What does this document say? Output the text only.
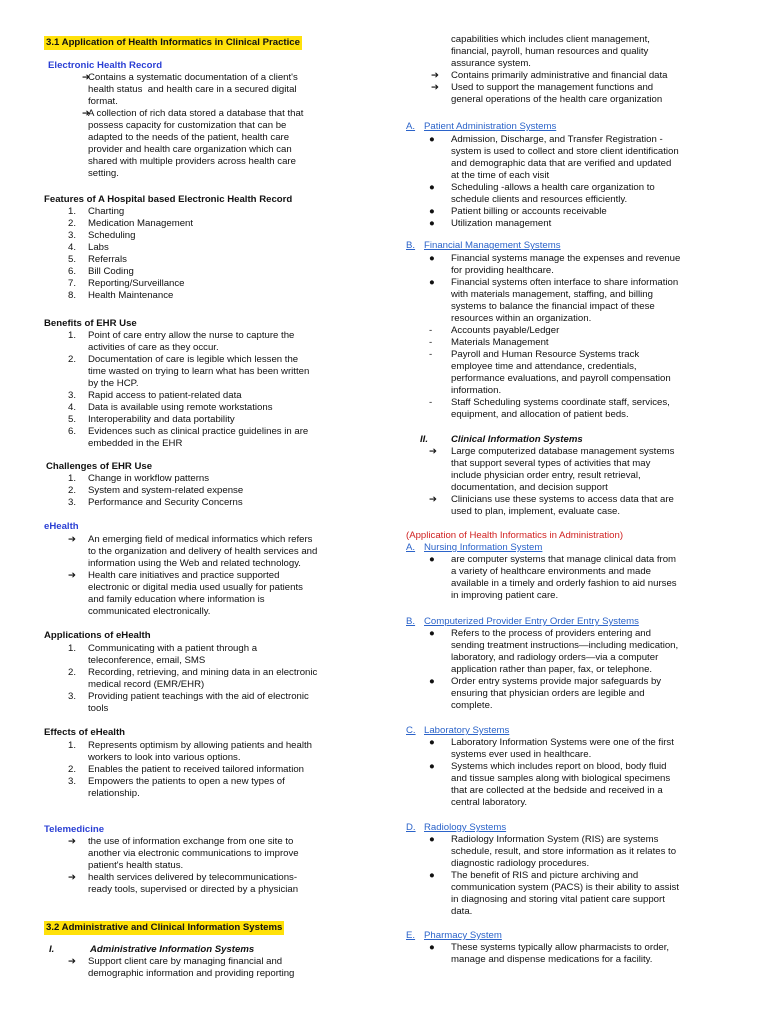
3.1 Application of Health Informatics in Clinical Practice
Electronic Health Record
➔
Contains a systematic documentation of a client's
health status  and health care in a secured digital
format.
➔
A collection of rich data stored a database that that
possess capacity for customization that can be
adapted to the needs of the patient, health care
provider and health care organization which can
shared with multiple providers across health care
setting.
Features of A Hospital based Electronic Health Record
1. Charting
2. Medication Management
3. Scheduling
4. Labs
5. Referrals
6. Bill Coding
7. Reporting/Surveillance
8. Health Maintenance
Benefits of EHR Use
1. Point of care entry allow the nurse to capture the
activities of care as they occur.
2. Documentation of care is legible which lessen the
time wasted on trying to learn what has been written
by the HCP.
3. Rapid access to patient-related data
4. Data is available using remote workstations
5. Interoperability and data portability
6. Evidences such as clinical practice guidelines in are
embedded in the EHR
Challenges of EHR Use
1. Change in workflow patterns
2. System and system-related expense
3. Performance and Security Concerns
eHealth
➔ An emerging field of medical informatics which refers
to the organization and delivery of health services and
information using the Web and related technology.
➔ Health care initiatives and practice supported
electronic or digital media used usually for patients
and family education where information is
communicated electronically.
Applications of eHealth
1. Communicating with a patient through a
teleconference, email, SMS
2. Recording, retrieving, and mining data in an electronic
medical record (EMR/EHR)
3. Providing patient teachings with the aid of electronic
tools
Effects of eHealth
1. Represents optimism by allowing patients and health
workers to look into various options.
2. Enables the patient to received tailored information
3. Empowers the patients to open a new types of
relationship.
Telemedicine
➔ the use of information exchange from one site to
another via electronic communications to improve
patient's health status.
➔ health services delivered by telecommunications-
ready tools, supervised or directed by a physician
3.2 Administrative and Clinical Information Systems
I.	Administrative Information Systems
➔ Support client care by managing financial and
demographic information and providing reporting
capabilities which includes client management,
financial, payroll, human resources and quality
assurance system.
➔ Contains primarily administrative and financial data
➔ Used to support the management functions and
general operations of the health care organization
A. Patient Administration Systems
● Admission, Discharge, and Transfer Registration -
system is used to collect and store client identification
and demographic data that are verified and updated
at the time of each visit
● Scheduling -allows a health care organization to
schedule clients and resources efficiently.
● Patient billing or accounts receivable
● Utilization management
B. Financial Management Systems
● Financial systems manage the expenses and revenue
for providing healthcare.
● Financial systems often interface to share information
with materials management, staffing, and billing
systems to balance the financial impact of these
resources within an organization.
- Accounts payable/Ledger
- Materials Management
- Payroll and Human Resource Systems track
employee time and attendance, credentials,
performance evaluations, and payroll compensation
information.
- Staff Scheduling systems coordinate staff, services,
equipment, and allocation of patient beds.
II. Clinical Information Systems
➔ Large computerized database management systems
that support several types of activities that may
include physician order entry, result retrieval,
documentation, and decision support
➔ Clinicians use these systems to access data that are
used to plan, implement, evaluate case.
(Application of Health Informatics in Administration)
A. Nursing Information System
● are computer systems that manage clinical data from
a variety of healthcare environments and made
available in a timely and orderly fashion to aid nurses
in improving patient care.
B. Computerized Provider Entry Order Entry Systems
● Refers to the process of providers entering and
sending treatment instructions—including medication,
laboratory, and radiology orders—via a computer
application rather than paper, fax, or telephone.
● Order entry systems provide major safeguards by
ensuring that physician orders are legible and
complete.
C. Laboratory Systems
● Laboratory Information Systems were one of the first
systems ever used in healthcare.
● Systems which includes report on blood, body fluid
and tissue samples along with biological specimens
that are collected at the bedside and received in a
central laboratory.
D. Radiology Systems
● Radiology Information System (RIS) are systems
schedule, result, and store information as it relates to
diagnostic radiology procedures.
● The benefit of RIS and picture archiving and
communication system (PACS) is their ability to assist
in diagnosing and storing vital patient care support
data.
E. Pharmacy System
● These systems typically allow pharmacists to order,
manage and dispense medications for a facility.
